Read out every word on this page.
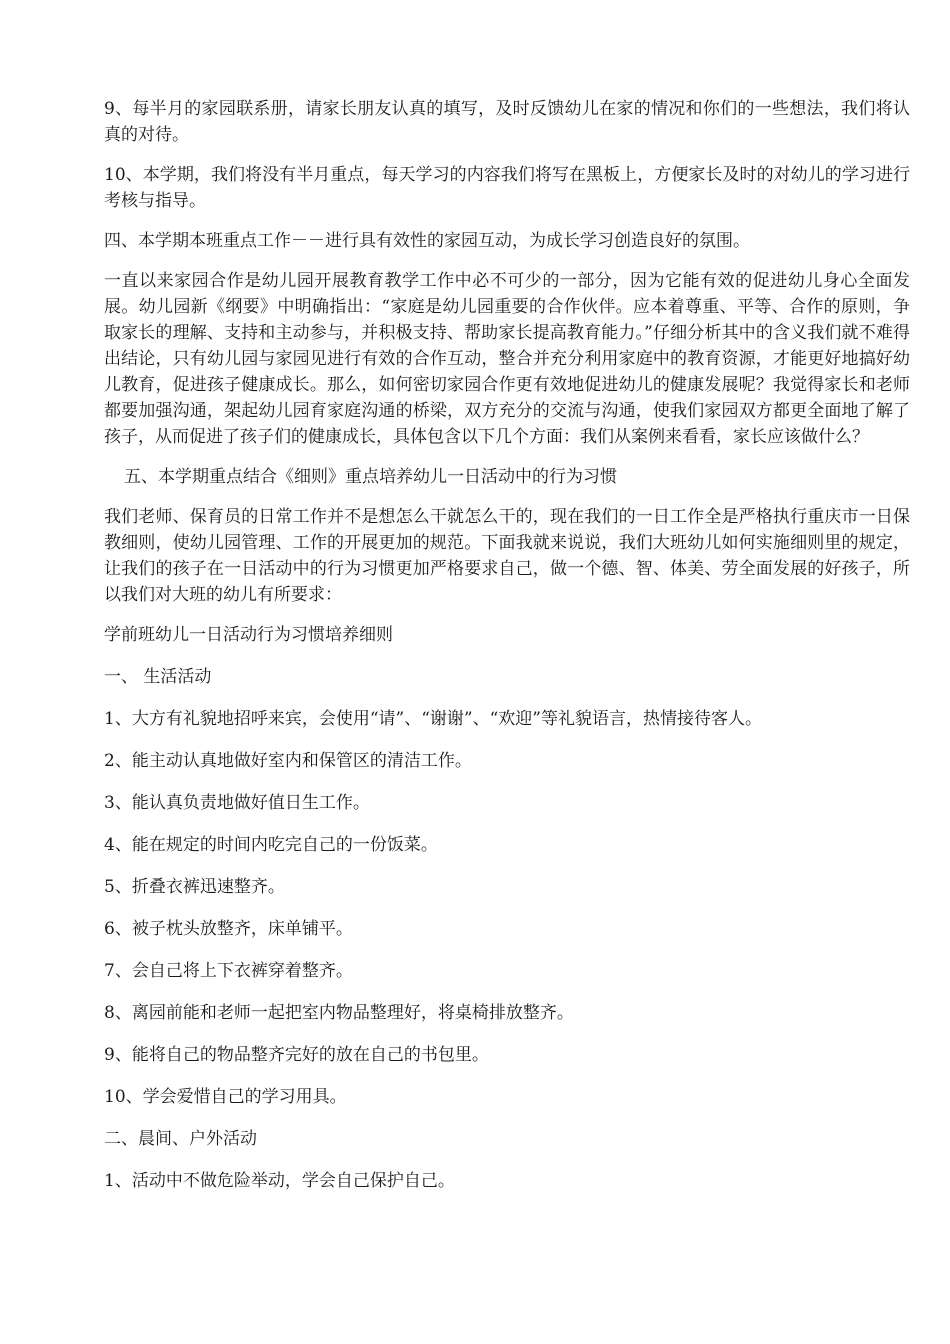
9、每半月的家园联系册，请家长朋友认真的填写，及时反馈幼儿在家的情况和你们的一些想法，我们将认真的对待。

10、本学期，我们将没有半月重点，每天学习的内容我们将写在黑板上，方便家长及时的对幼儿的学习进行考核与指导。

四、本学期本班重点工作－－进行具有效性的家园互动，为成长学习创造良好的氛围。

一直以来家园合作是幼儿园开展教育教学工作中必不可少的一部分，因为它能有效的促进幼儿身心全面发展。幼儿园新《纲要》中明确指出：“家庭是幼儿园重要的合作伙伴。应本着尊重、平等、合作的原则，争取家长的理解、支持和主动参与，并积极支持、帮助家长提高教育能力。”仔细分析其中的含义我们就不难得出结论，只有幼儿园与家园见进行有效的合作互动，整合并充分利用家庭中的教育资源，才能更好地搞好幼儿教育，促进孩子健康成长。那么，如何密切家园合作更有效地促进幼儿的健康发展呢？我觉得家长和老师都要加强沟通，架起幼儿园育家庭沟通的桥梁，双方充分的交流与沟通，使我们家园双方都更全面地了解了孩子，从而促进了孩子们的健康成长，具体包含以下几个方面：我们从案例来看看，家长应该做什么？

五、本学期重点结合《细则》重点培养幼儿一日活动中的行为习惯

我们老师、保育员的日常工作并不是想怎么干就怎么干的，现在我们的一日工作全是严格执行重庆市一日保教细则，使幼儿园管理、工作的开展更加的规范。下面我就来说说，我们大班幼儿如何实施细则里的规定，让我们的孩子在一日活动中的行为习惯更加严格要求自己，做一个德、智、体美、劳全面发展的好孩子，所以我们对大班的幼儿有所要求：

学前班幼儿一日活动行为习惯培养细则

一、 生活活动

1、大方有礼貌地招呼来宾，会使用“请”、“谢谢”、“欢迎”等礼貌语言，热情接待客人。

2、能主动认真地做好室内和保管区的清洁工作。

3、能认真负责地做好值日生工作。

4、能在规定的时间内吃完自己的一份饭菜。

5、折叠衣裤迅速整齐。

6、被子枕头放整齐，床单铺平。

7、会自己将上下衣裤穿着整齐。

8、离园前能和老师一起把室内物品整理好，将桌椅排放整齐。

9、能将自己的物品整齐完好的放在自己的书包里。

10、学会爱惜自己的学习用具。

二、晨间、户外活动

1、活动中不做危险举动，学会自己保护自己。
